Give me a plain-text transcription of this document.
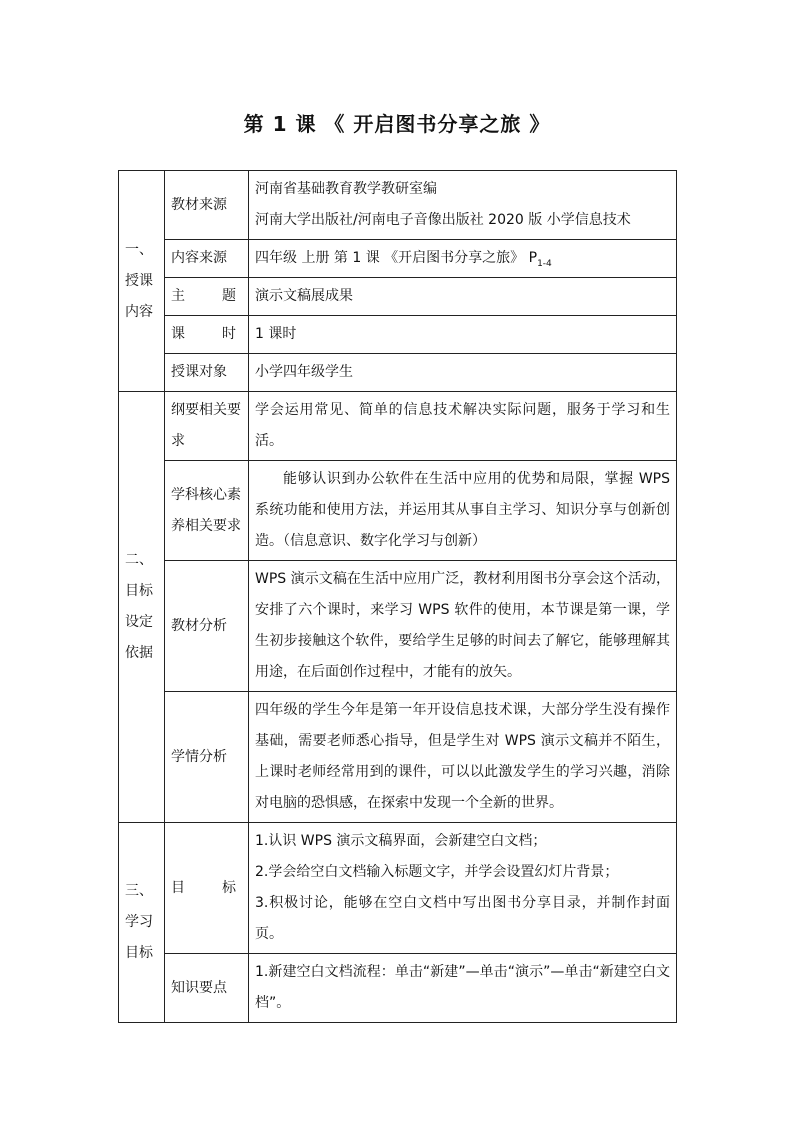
第 1 课 《 开启图书分享之旅 》
一、授课内容	教材来源	河南省基础教育教学教研室编
河南大学出版社/河南电子音像出版社 2020 版 小学信息技术

	内容来源	四年级 上册 第 1 课 《开启图书分享之旅》 $P_{1-4}$
	主　题	演示文稿展成果
	课　时	1 课时
	授课对象	小学四年级学生
二、目标设定依据	纲要相关要求	学会运用常见、简单的信息技术解决实际问题，服务于学习和生活。
	学科核心素养相关要求	能够认识到办公软件在生活中应用的优势和局限，掌握 WPS 系统功能和使用方法，并运用其从事自主学习、知识分享与创新创造。（信息意识、数字化学习与创新）
	教材分析	WPS 演示文稿在生活中应用广泛，教材利用图书分享会这个活动，安排了六个课时，来学习 WPS 软件的使用，本节课是第一课，学生初步接触这个软件，要给学生足够的时间去了解它，能够理解其用途，在后面创作过程中，才能有的放矢。
	学情分析	四年级的学生今年是第一年开设信息技术课，大部分学生没有操作基础，需要老师悉心指导，但是学生对 WPS 演示文稿并不陌生，上课时老师经常用到的课件，可以以此激发学生的学习兴趣，消除对电脑的恐惧感，在探索中发现一个全新的世界。
三、学习目标	目　标	1.认识 WPS 演示文稿界面，会新建空白文档；
2.学会给空白文档输入标题文字，并学会设置幻灯片背景；
3.积极讨论，能够在空白文档中写出图书分享目录，并制作封面页。

	知识要点	1.新建空白文档流程：单击“新建”—单击“演示”—单击“新建空白文档”。
